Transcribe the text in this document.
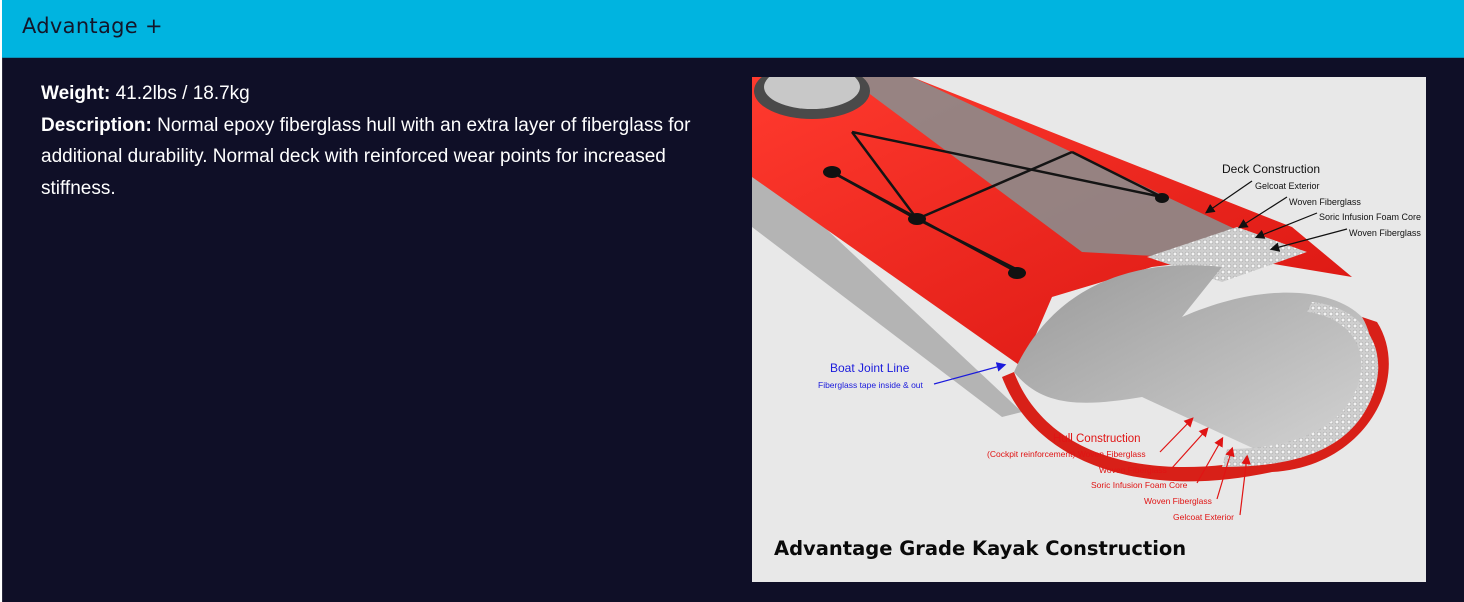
Advantage +
Weight: 41.2lbs / 18.7kg
Description: Normal epoxy fiberglass hull with an extra layer of fiberglass for additional durability. Normal deck with reinforced wear points for increased stiffness.
Deck Construction
Gelcoat Exterior
Woven Fiberglass
Soric Infusion Foam Core
Woven Fiberglass
Boat Joint Line
Fiberglass tape inside & out
Hull Construction
(Cockpit reinforcement) Woven Fiberglass
Woven Fiberglass
Soric Infusion Foam Core
Woven Fiberglass
Gelcoat Exterior
Advantage Grade Kayak Construction
